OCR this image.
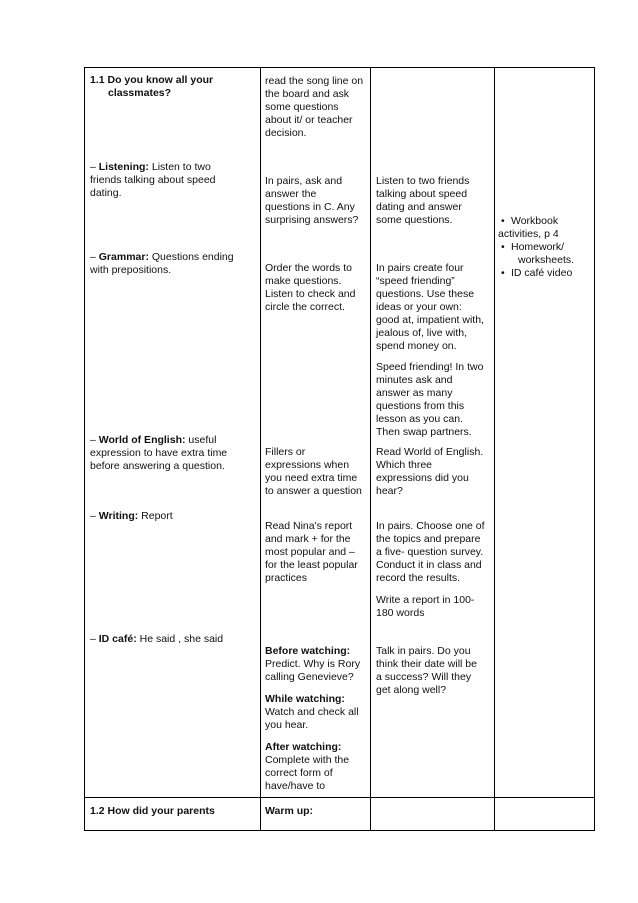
1.1 Do you know all your
classmates?
– Listening: Listen to two
friends talking about speed
dating.
– Grammar: Questions ending
with prepositions.
– World of English: useful
expression to have extra time
before answering a question.
– Writing: Report
– ID café: He said , she said
1.2 How did your parents
read the song line on
the board and ask
some questions
about it/ or teacher
decision.
In pairs, ask and
answer the
questions in C. Any
surprising answers?
Order the words to
make questions.
Listen to check and
circle the correct.
Fillers or
expressions when
you need extra time
to answer a question
Read Nina's report
and mark + for the
most popular and –
for the least popular
practices
Before watching:
Predict. Why is Rory
calling Genevieve?
While watching:
Watch and check all
you hear.
After watching:
Complete with the
correct form of
have/have to
Warm up:
Listen to two friends
talking about speed
dating and answer
some questions.
In pairs create four
“speed friending”
questions. Use these
ideas or your own:
good at, impatient with,
jealous of, live with,
spend money on.
Speed friending! In two
minutes ask and
answer as many
questions from this
lesson as you can.
Then swap partners.
Read World of English.
Which three
expressions did you
hear?
In pairs. Choose one of
the topics and prepare
a five- question survey.
Conduct it in class and
record the results.
Write a report in 100-
180 words
Talk in pairs. Do you
think their date will be
a success? Will they
get along well?
• Workbook
activities, p 4
• Homework/
worksheets.
• ID café video
